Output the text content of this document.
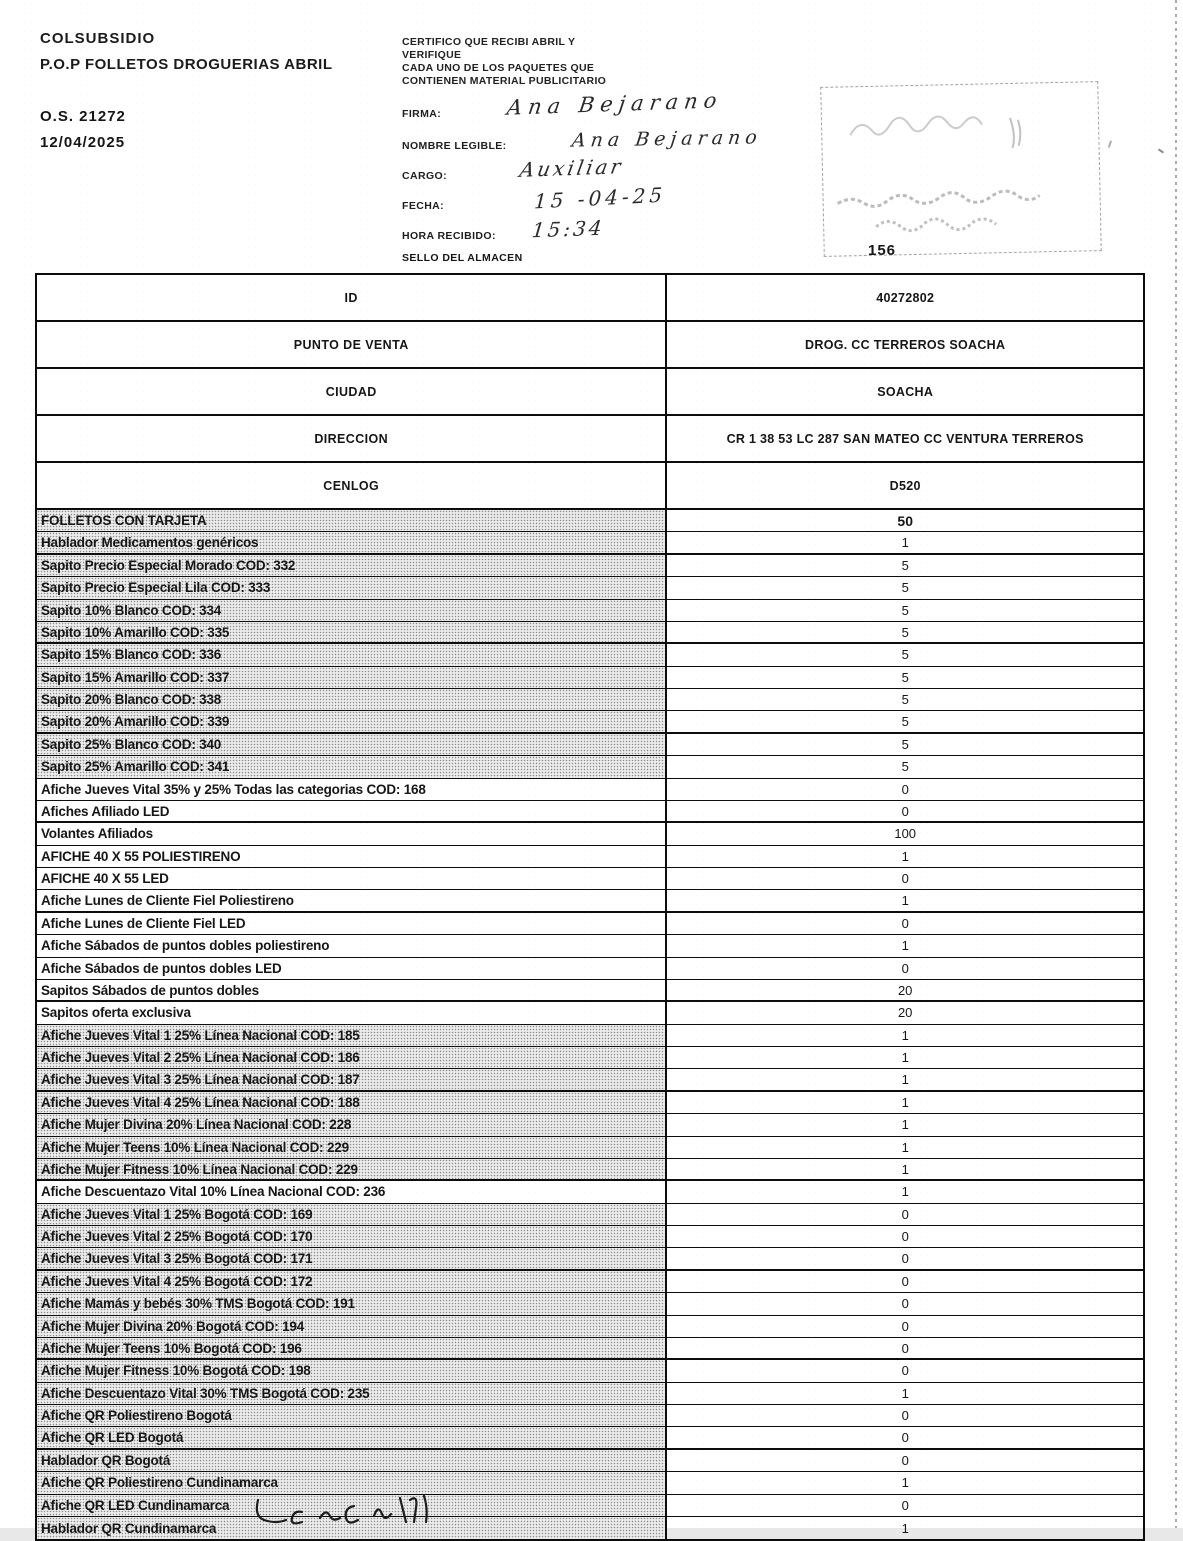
COLSUBSIDIO
P.O.P FOLLETOS DROGUERIAS ABRIL
O.S. 21272
12/04/2025
CERTIFICO QUE RECIBI ABRIL Y
VERIFIQUE
CADA UNO DE LOS PAQUETES QUE
CONTIENEN MATERIAL PUBLICITARIO
FIRMA:	Ana Bejarano
NOMBRE LEGIBLE:	Ana Bejarano
CARGO:	Auxiliar
FECHA:	15 -04-25
HORA RECIBIDO: 15:34
SELLO DEL ALMACEN	156
ID	40272802
PUNTO DE VENTA	DROG. CC TERREROS SOACHA
CIUDAD	SOACHA
DIRECCION	CR 1 38 53 LC 287 SAN MATEO CC VENTURA TERREROS
CENLOG	D520
FOLLETOS CON TARJETA	50
Hablador Medicamentos genéricos	1
Sapito Precio Especial Morado COD: 332	5
Sapito Precio Especial Lila COD: 333	5
Sapito 10% Blanco COD: 334	5
Sapito 10% Amarillo COD: 335	5
Sapito 15% Blanco COD: 336	5
Sapito 15% Amarillo COD: 337	5
Sapito 20% Blanco COD: 338	5
Sapito 20% Amarillo COD: 339	5
Sapito 25% Blanco COD: 340	5
Sapito 25% Amarillo COD: 341	5
Afiche Jueves Vital 35% y 25% Todas las categorias COD: 168	0
Afiches Afiliado LED	0
Volantes Afiliados	100
AFICHE 40 X 55 POLIESTIRENO	1
AFICHE 40 X 55 LED	0
Afiche Lunes de Cliente Fiel Poliestireno	1
Afiche Lunes de Cliente Fiel LED	0
Afiche Sábados de puntos dobles poliestireno	1
Afiche Sábados de puntos dobles LED	0
Sapitos Sábados de puntos dobles	20
Sapitos oferta exclusiva	20
Afiche Jueves Vital 1 25% Línea Nacional COD: 185	1
Afiche Jueves Vital 2 25% Línea Nacional COD: 186	1
Afiche Jueves Vital 3 25% Línea Nacional COD: 187	1
Afiche Jueves Vital 4 25% Línea Nacional COD: 188	1
Afiche Mujer Divina 20% Línea Nacional COD: 228	1
Afiche Mujer Teens 10% Línea Nacional COD: 229	1
Afiche Mujer Fitness 10% Línea Nacional COD: 229	1
Afiche Descuentazo Vital 10% Línea Nacional COD: 236	1
Afiche Jueves Vital 1 25% Bogotá COD: 169	0
Afiche Jueves Vital 2 25% Bogotá COD: 170	0
Afiche Jueves Vital 3 25% Bogotá COD: 171	0
Afiche Jueves Vital 4 25% Bogotá COD: 172	0
Afiche Mamás y bebés 30% TMS Bogotá COD: 191	0
Afiche Mujer Divina 20% Bogotá COD: 194	0
Afiche Mujer Teens 10% Bogotá COD: 196	0
Afiche Mujer Fitness 10% Bogotá COD: 198	0
Afiche Descuentazo Vital 30% TMS Bogotá COD: 235	1
Afiche QR Poliestireno Bogotá	0
Afiche QR LED Bogotá	0
Hablador QR Bogotá	0
Afiche QR Poliestireno Cundinamarca	1
Afiche QR LED Cundinamarca	0
Hablador QR Cundinamarca	1
